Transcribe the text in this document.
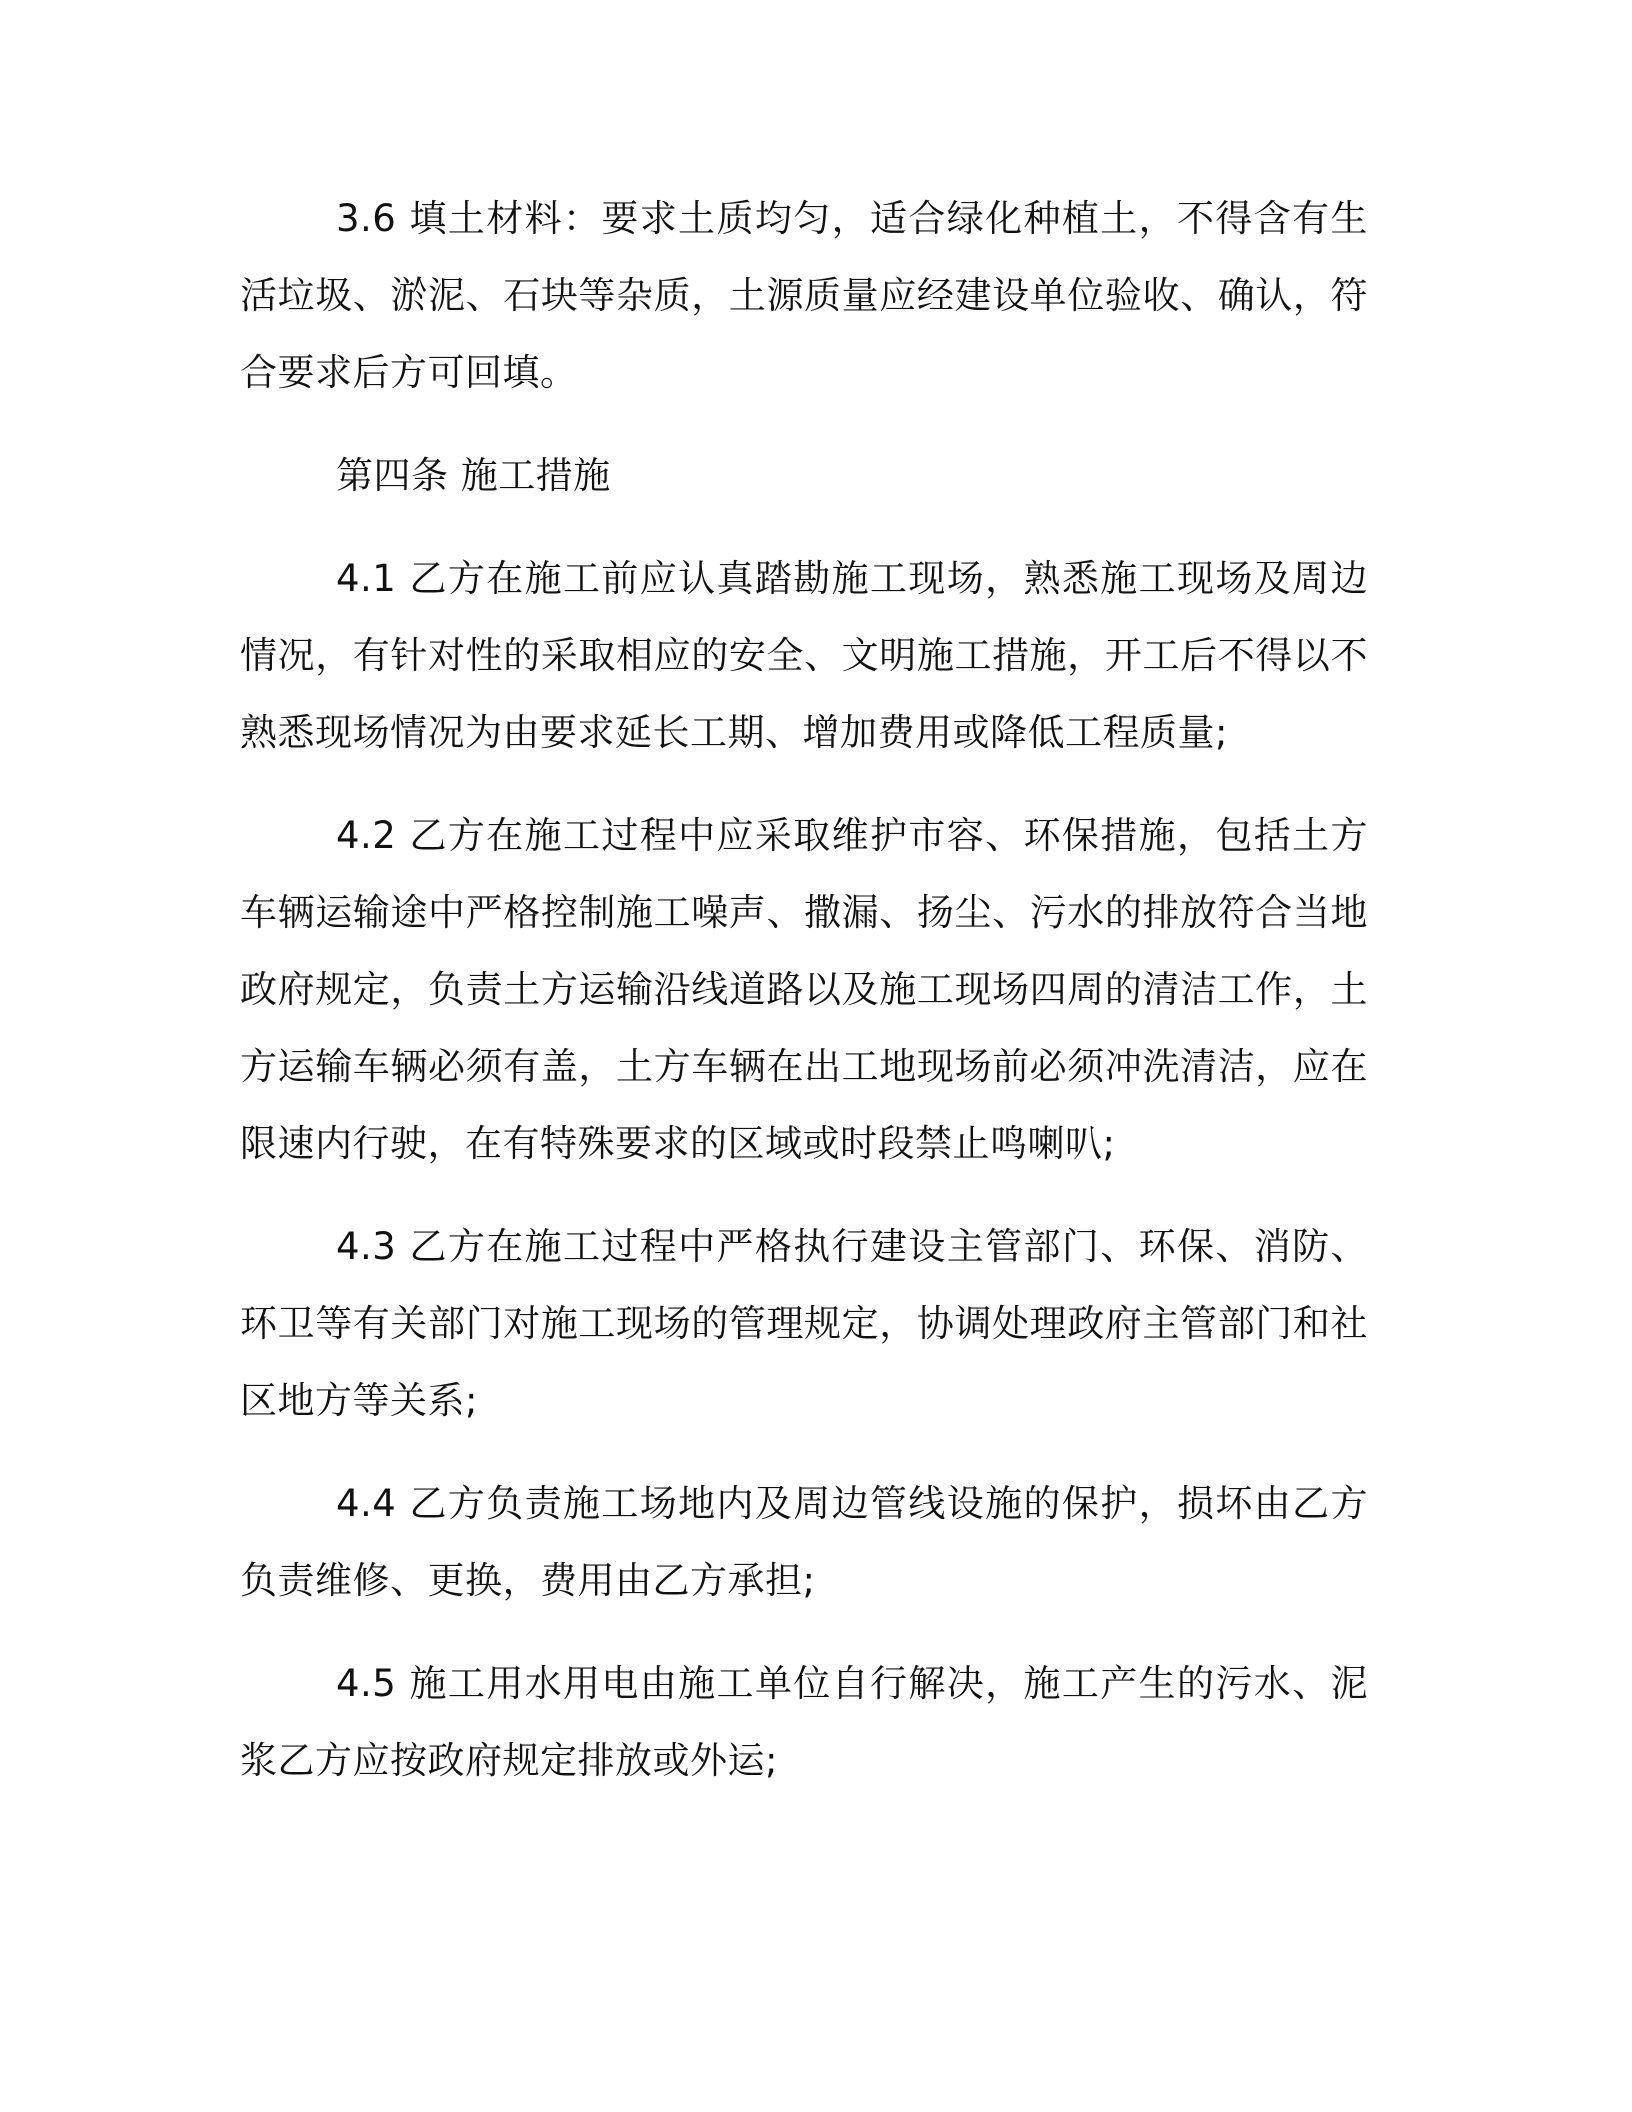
3.6 填土材料：要求土质均匀，适合绿化种植土，不得含有生活垃圾、淤泥、石块等杂质，土源质量应经建设单位验收、确认，符合要求后方可回填。

第四条 施工措施

4.1 乙方在施工前应认真踏勘施工现场，熟悉施工现场及周边情况，有针对性的采取相应的安全、文明施工措施，开工后不得以不熟悉现场情况为由要求延长工期、增加费用或降低工程质量;

4.2 乙方在施工过程中应采取维护市容、环保措施，包括土方车辆运输途中严格控制施工噪声、撒漏、扬尘、污水的排放符合当地政府规定，负责土方运输沿线道路以及施工现场四周的清洁工作，土方运输车辆必须有盖，土方车辆在出工地现场前必须冲洗清洁，应在限速内行驶，在有特殊要求的区域或时段禁止鸣喇叭;

4.3 乙方在施工过程中严格执行建设主管部门、环保、消防、环卫等有关部门对施工现场的管理规定，协调处理政府主管部门和社区地方等关系;

4.4 乙方负责施工场地内及周边管线设施的保护，损坏由乙方负责维修、更换，费用由乙方承担;

4.5 施工用水用电由施工单位自行解决，施工产生的污水、泥浆乙方应按政府规定排放或外运;
